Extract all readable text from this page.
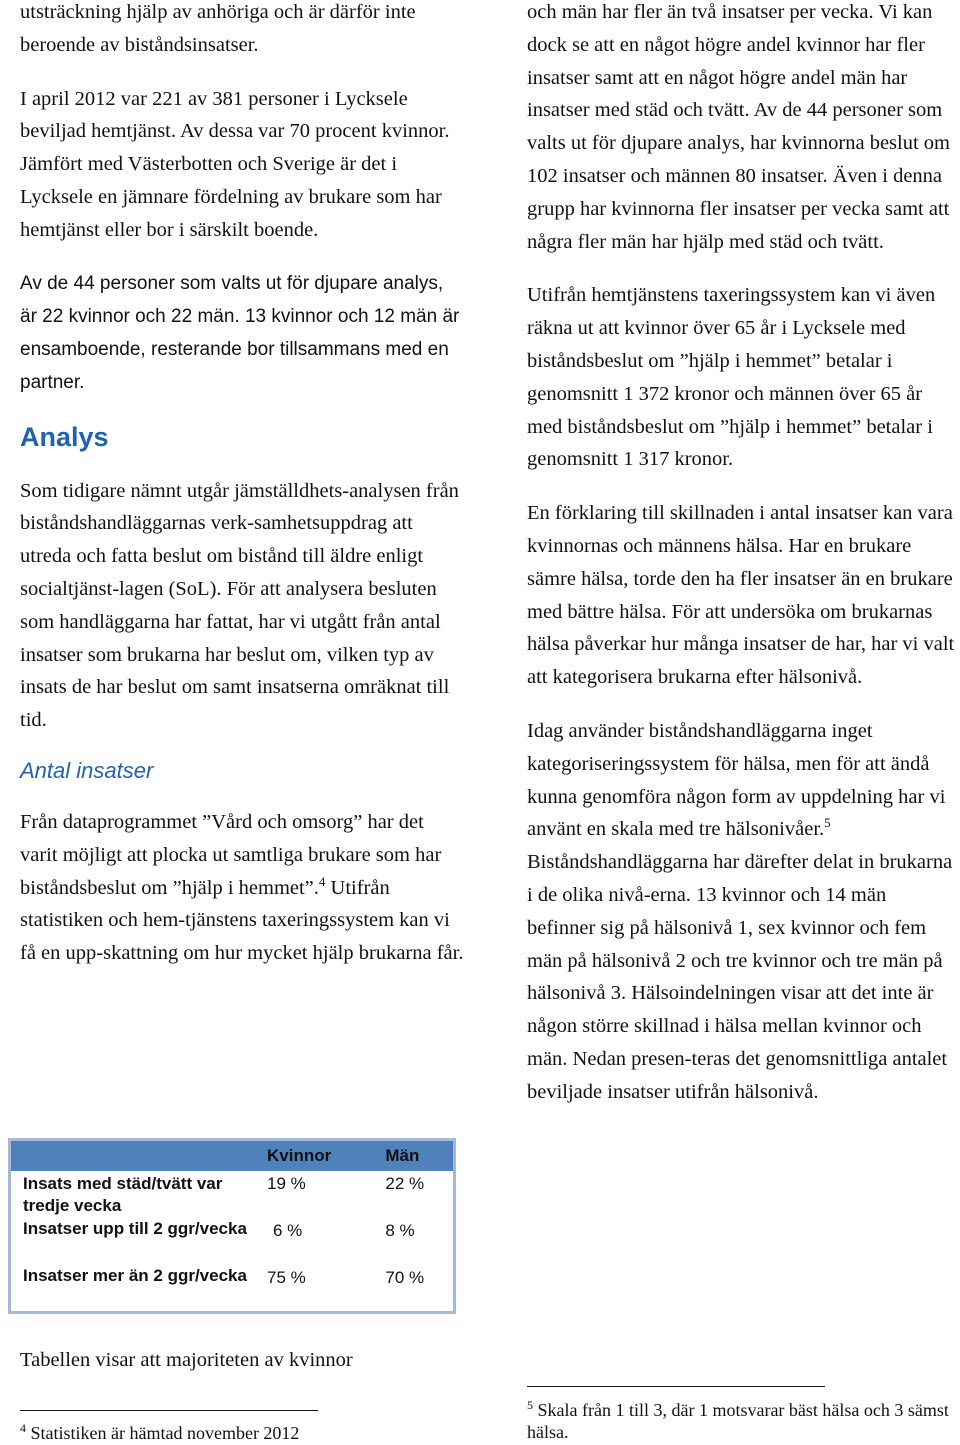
utsträckning hjälp av anhöriga och är därför inte beroende av biståndsinsatser.

I april 2012 var 221 av 381 personer i Lycksele beviljad hemtjänst. Av dessa var 70 procent kvinnor. Jämfört med Västerbotten och Sverige är det i Lycksele en jämnare fördelning av brukare som har hemtjänst eller bor i särskilt boende.

Av de 44 personer som valts ut för djupare analys, är 22 kvinnor och 22 män. 13 kvinnor och 12 män är ensamboende, resterande bor tillsammans med en partner.

Analys

Som tidigare nämnt utgår jämställdhets-analysen från biståndshandläggarnas verk-samhetsuppdrag att utreda och fatta beslut om bistånd till äldre enligt socialtjänst-lagen (SoL). För att analysera besluten som handläggarna har fattat, har vi utgått från antal insatser som brukarna har beslut om, vilken typ av insats de har beslut om samt insatserna omräknat till tid.

Antal insatser

Från dataprogrammet ”Vård och omsorg” har det varit möjligt att plocka ut samtliga brukare som har biståndsbeslut om ”hjälp i hemmet”.$^4$ Utifrån statistiken och hem-tjänstens taxeringssystem kan vi få en upp-skattning om hur mycket hjälp brukarna får.

	Kvinnor	Män
Insats med städ/tvätt var tredje vecka	19 %	22 %
Insatser upp till 2 ggr/vecka	6 %	8 %
Insatser mer än 2 ggr/vecka	75 %	70 %

Tabellen visar att majoriteten av kvinnor

$^4$ Statistiken är hämtad november 2012

och män har fler än två insatser per vecka. Vi kan dock se att en något högre andel kvinnor har fler insatser samt att en något högre andel män har insatser med städ och tvätt. Av de 44 personer som valts ut för djupare analys, har kvinnorna beslut om 102 insatser och männen 80 insatser. Även i denna grupp har kvinnorna fler insatser per vecka samt att några fler män har hjälp med städ och tvätt.

Utifrån hemtjänstens taxeringssystem kan vi även räkna ut att kvinnor över 65 år i Lycksele med biståndsbeslut om ”hjälp i hemmet” betalar i genomsnitt 1 372 kronor och männen över 65 år med biståndsbeslut om ”hjälp i hemmet” betalar i genomsnitt 1 317 kronor.

En förklaring till skillnaden i antal insatser kan vara kvinnornas och männens hälsa. Har en brukare sämre hälsa, torde den ha fler insatser än en brukare med bättre hälsa. För att undersöka om brukarnas hälsa påverkar hur många insatser de har, har vi valt att kategorisera brukarna efter hälsonivå.

Idag använder biståndshandläggarna inget kategoriseringssystem för hälsa, men för att ändå kunna genomföra någon form av uppdelning har vi använt en skala med tre hälsonivåer.$^5$ Biståndshandläggarna har därefter delat in brukarna i de olika nivå-erna. 13 kvinnor och 14 män befinner sig på hälsonivå 1, sex kvinnor och fem män på hälsonivå 2 och tre kvinnor och tre män på hälsonivå 3. Hälsoindelningen visar att det inte är någon större skillnad i hälsa mellan kvinnor och män. Nedan presen-teras det genomsnittliga antalet beviljade insatser utifrån hälsonivå.

$^5$ Skala från 1 till 3, där 1 motsvarar bäst hälsa och 3 sämst hälsa.
